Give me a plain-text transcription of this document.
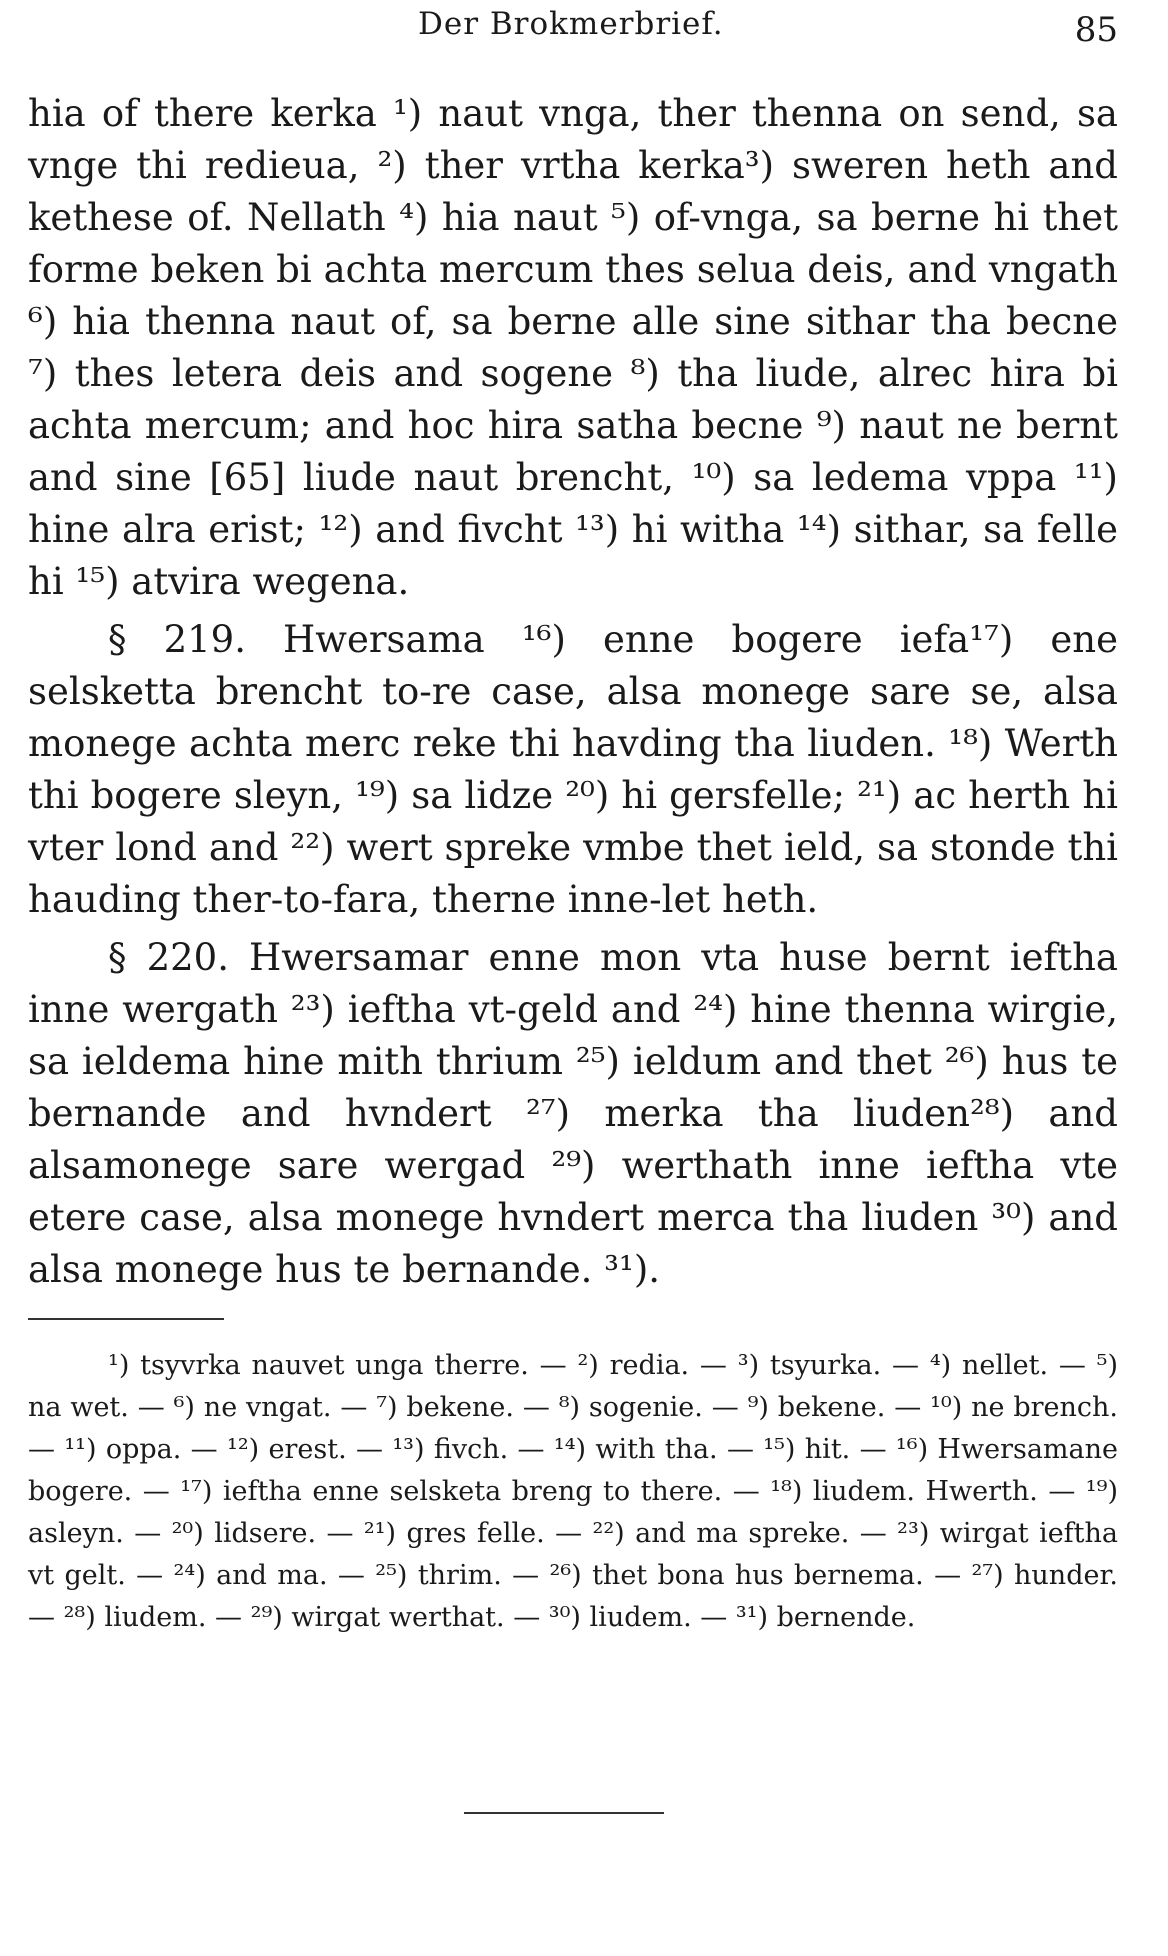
Der Brokmerbrief.	85

hia of there kerka ¹) naut vnga, ther thenna on send, sa vnge thi redieua, ²) ther vrtha kerka³) sweren heth and kethese of. Nellath ⁴) hia naut ⁵) of-vnga, sa berne hi thet forme beken bi achta mercum thes selua deis, and vngath ⁶) hia thenna naut of, sa berne alle sine sithar tha becne ⁷) thes letera deis and sogene ⁸) tha liude, alrec hira bi achta mercum; and hoc hira satha becne ⁹) naut ne bernt and sine [65] liude naut brencht, ¹⁰) sa ledema vppa ¹¹) hine alra erist; ¹²) and fivcht ¹³) hi witha ¹⁴) sithar, sa felle hi ¹⁵) atvira wegena.

§ 219. Hwersama ¹⁶) enne bogere iefa¹⁷) ene selsketta brencht to-re case, alsa monege sare se, alsa monege achta merc reke thi havding tha liuden. ¹⁸) Werth thi bogere sleyn, ¹⁹) sa lidze ²⁰) hi gersfelle; ²¹) ac herth hi vter lond and ²²) wert spreke vmbe thet ield, sa stonde thi hauding ther-to-fara, therne inne-let heth.

§ 220. Hwersamar enne mon vta huse bernt ieftha inne wergath ²³) ieftha vt-geld and ²⁴) hine thenna wirgie, sa ieldema hine mith thrium ²⁵) ieldum and thet ²⁶) hus te bernande and hvndert ²⁷) merka tha liuden²⁸) and alsamonege sare wergad ²⁹) werthath inne ieftha vte etere case, alsa monege hvndert merca tha liuden ³⁰) and alsa monege hus te bernande. ³¹).

¹) tsyvrka nauvet unga therre. — ²) redia. — ³) tsyurka. — ⁴) nellet. — ⁵) na wet. — ⁶) ne vngat. — ⁷) bekene. — ⁸) sogenie. — ⁹) bekene. — ¹⁰) ne brench. — ¹¹) oppa. — ¹²) erest. — ¹³) fivch. — ¹⁴) with tha. — ¹⁵) hit. — ¹⁶) Hwersamane bogere. — ¹⁷) ieftha enne selsketa breng to there. — ¹⁸) liudem. Hwerth. — ¹⁹) asleyn. — ²⁰) lidsere. — ²¹) gres felle. — ²²) and ma spreke. — ²³) wirgat ieftha vt gelt. — ²⁴) and ma. — ²⁵) thrim. — ²⁶) thet bona hus bernema. — ²⁷) hunder. — ²⁸) liudem. — ²⁹) wirgat werthat. — ³⁰) liudem. — ³¹) bernende.
